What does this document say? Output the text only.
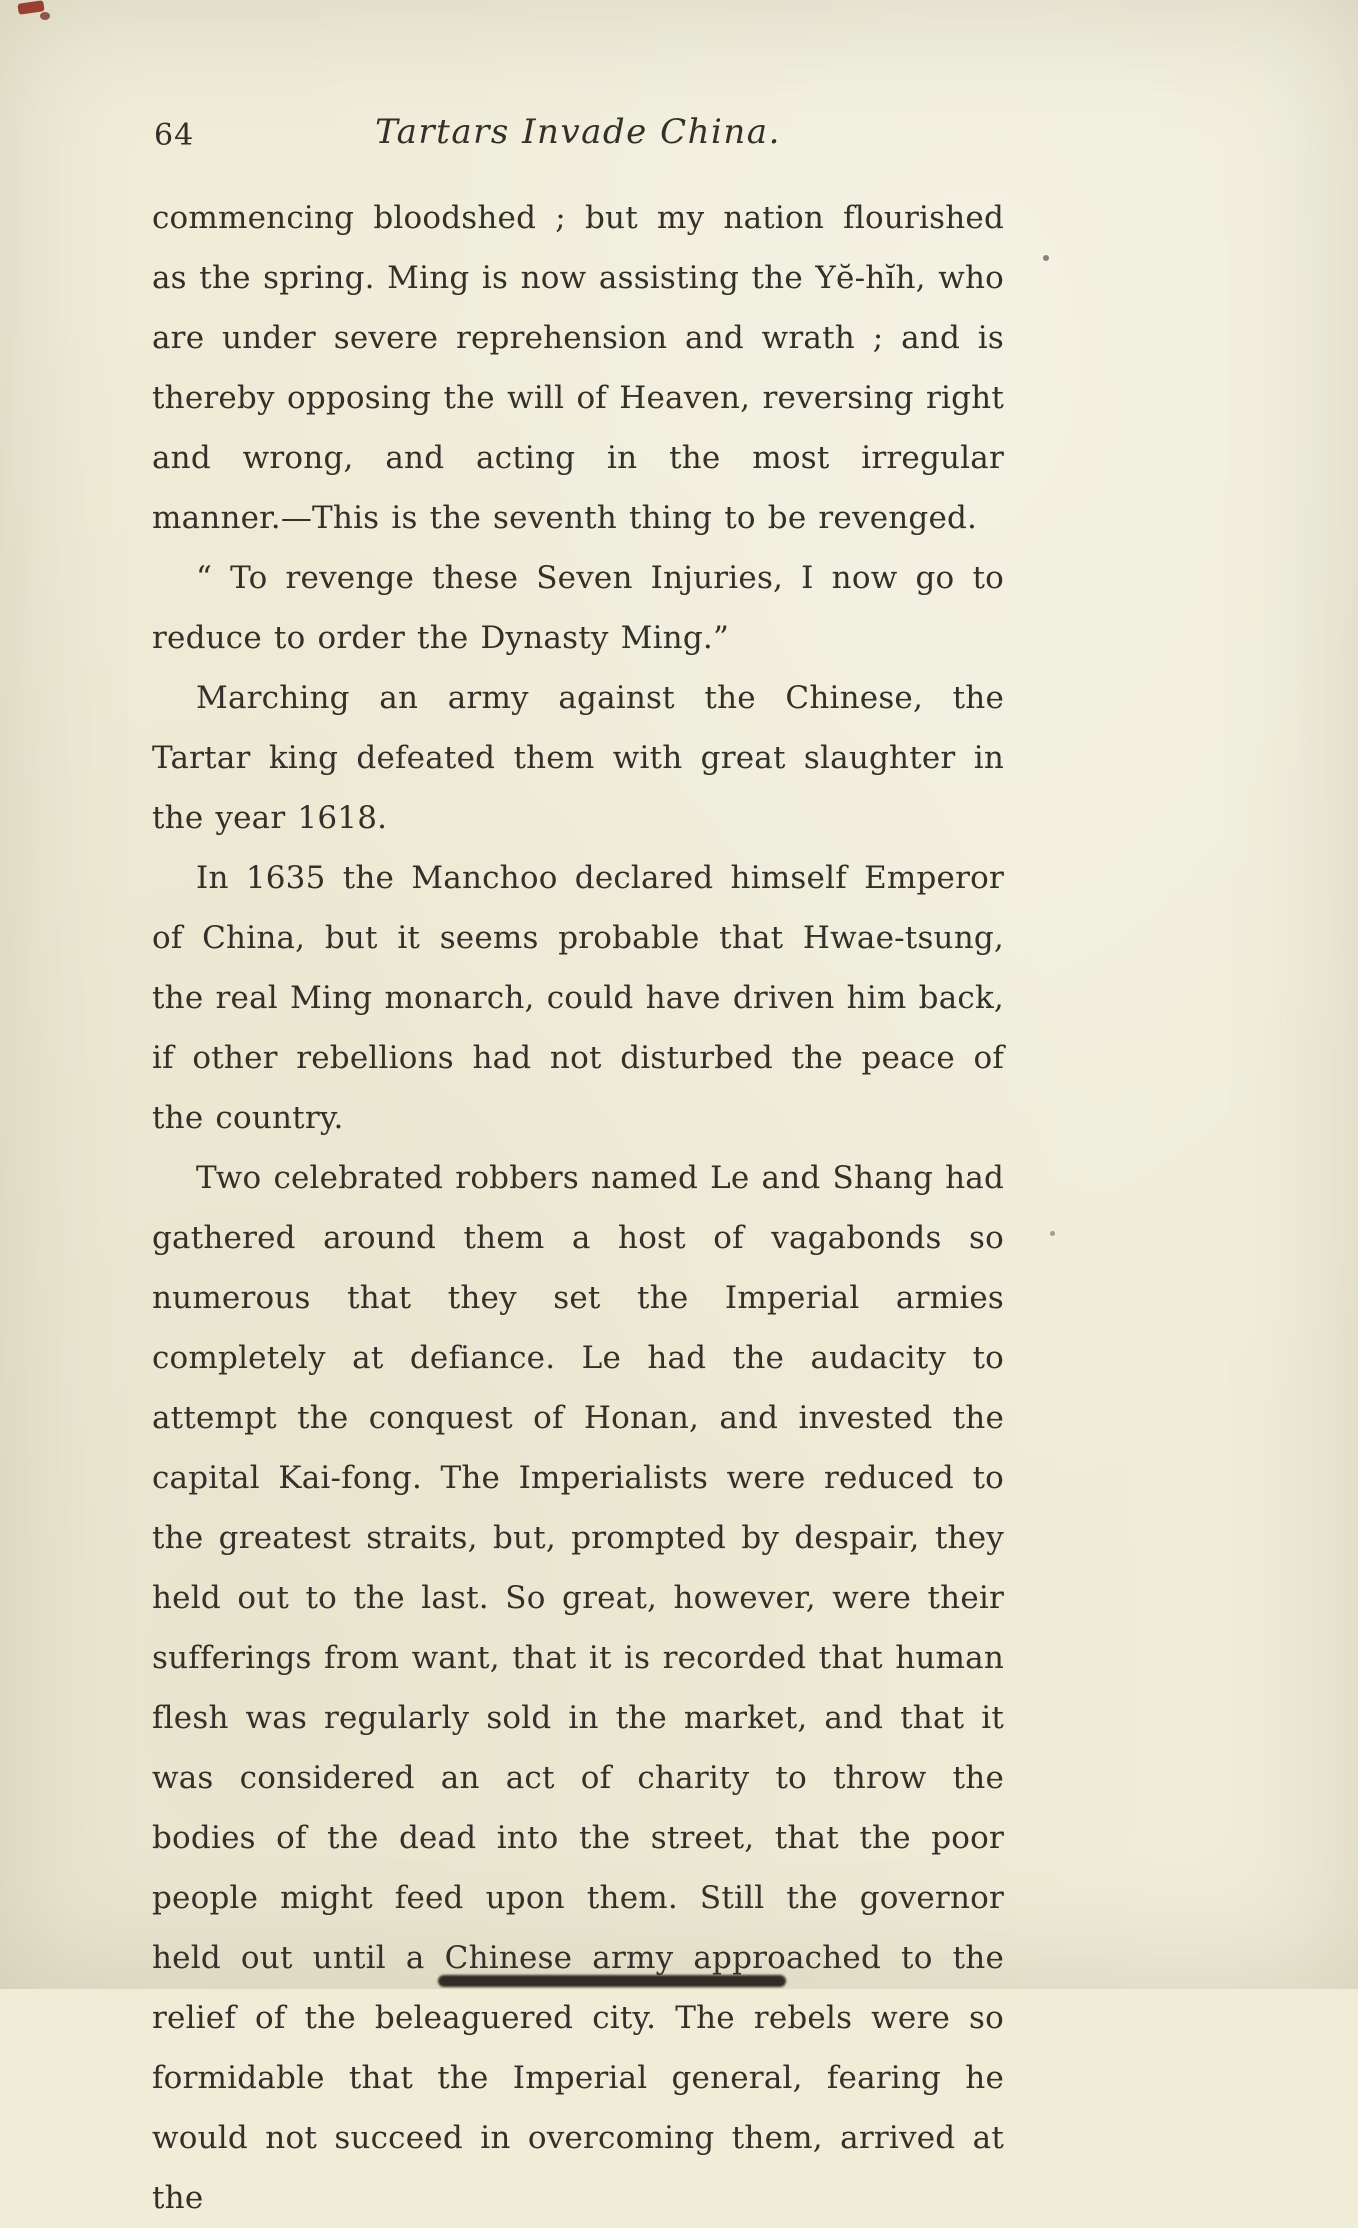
64	Tartars Invade China.

commencing bloodshed ; but my nation flourished as the spring. Ming is now assisting the Yĕ-hĭh, who are under severe reprehension and wrath ; and is thereby opposing the will of Heaven, reversing right and wrong, and acting in the most irregular manner.—This is the seventh thing to be revenged.

“ To revenge these Seven Injuries, I now go to reduce to order the Dynasty Ming.”

Marching an army against the Chinese, the Tartar king defeated them with great slaughter in the year 1618.

In 1635 the Manchoo declared himself Emperor of China, but it seems probable that Hwae-tsung, the real Ming monarch, could have driven him back, if other rebellions had not disturbed the peace of the country.

Two celebrated robbers named Le and Shang had gathered around them a host of vagabonds so numerous that they set the Imperial armies completely at defiance. Le had the audacity to attempt the conquest of Honan, and invested the capital Kai-fong. The Imperialists were reduced to the greatest straits, but, prompted by despair, they held out to the last. So great, however, were their sufferings from want, that it is recorded that human flesh was regularly sold in the market, and that it was considered an act of charity to throw the bodies of the dead into the street, that the poor people might feed upon them. Still the governor held out until a Chinese army approached to the relief of the beleaguered city. The rebels were so formidable that the Imperial general, fearing he would not succeed in overcoming them, arrived at the
